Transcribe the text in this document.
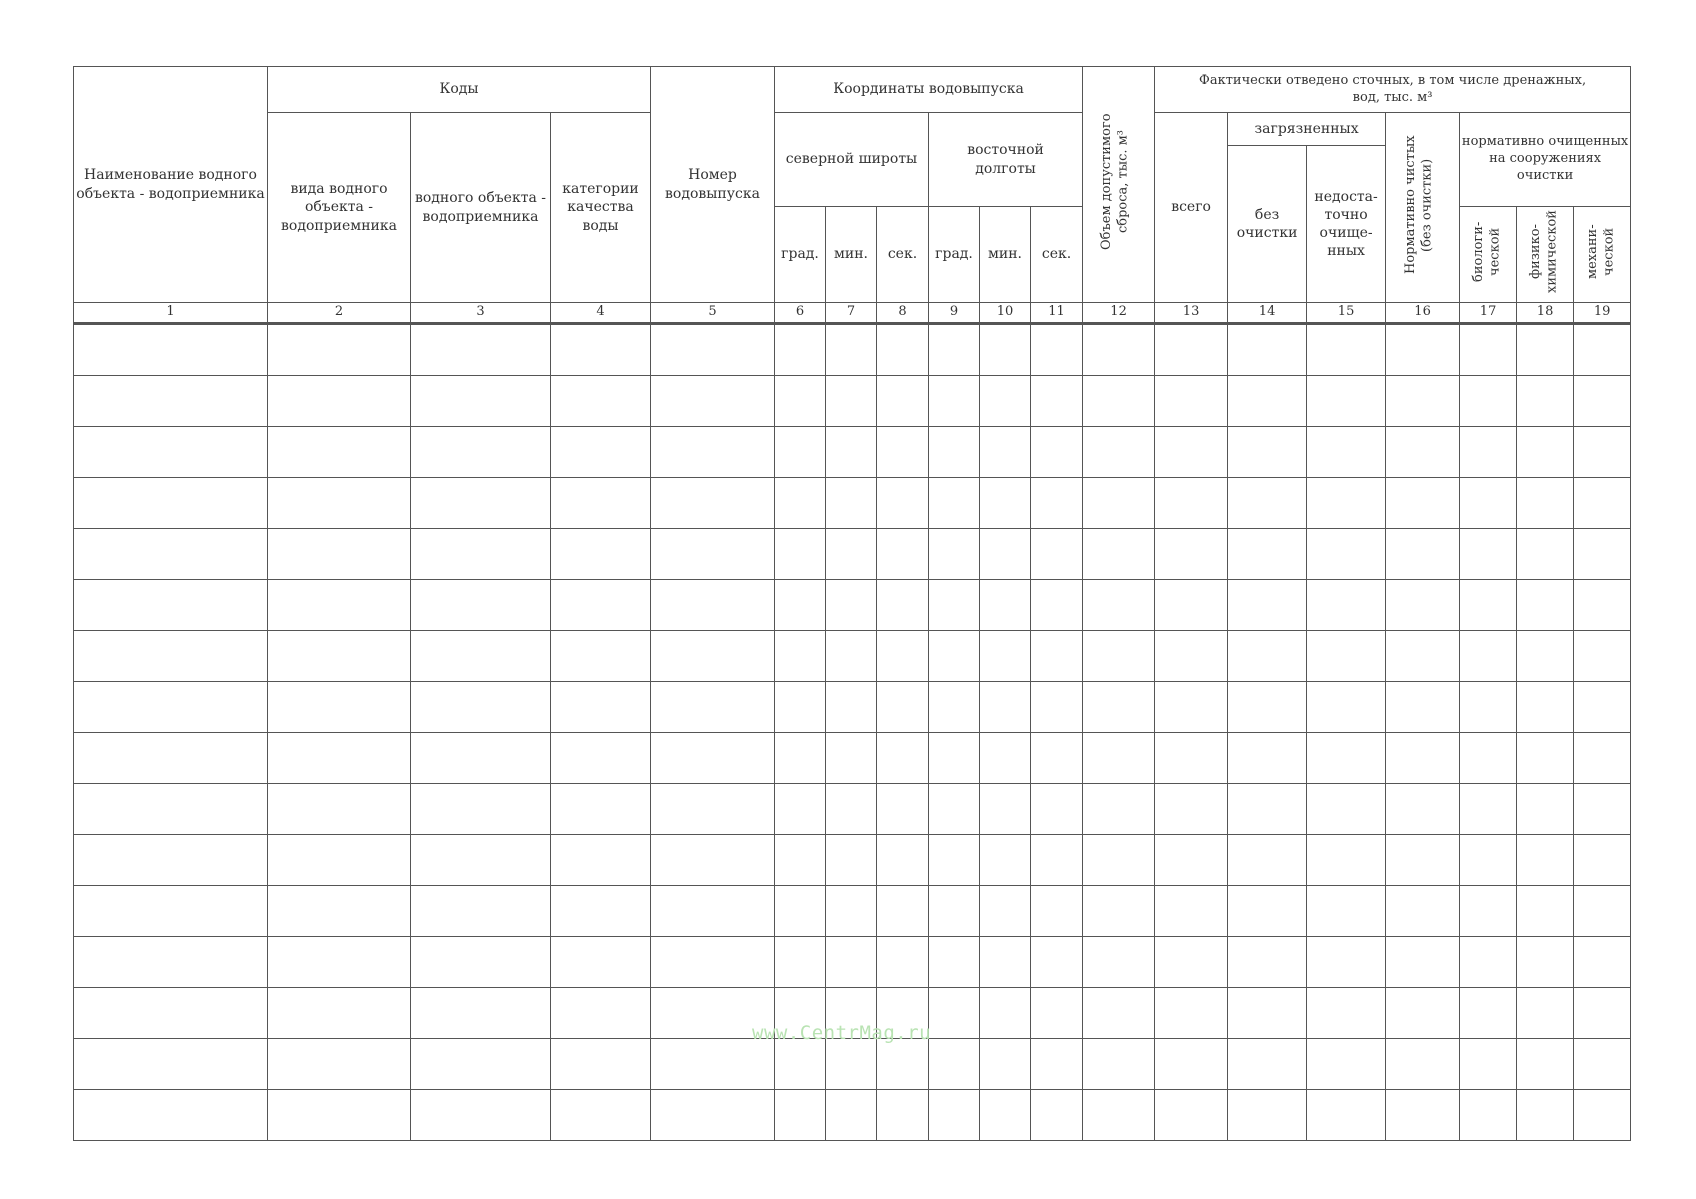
Наименование водного объекта - водоприемника	Коды			Номер водовыпуска	Координаты водовыпуска						Объем допустимого сброса, тыс. м³	Фактически отведено сточных, в том числе дренажных, вод, тыс. м³						
	вида водного объекта - водоприемника	водного объекта - водоприемника	категории качества воды		северной широты			восточной долготы				всего	загрязненных		Нормативно чистых (без очистки)	нормативно очищенных на сооружениях очистки		
													без очистки	недоста-точно очище-нных				
					град.	мин.	сек.	град.	мин.	сек.						биологи-ческой	физико-химической	механи-ческой
1	2	3	4	5	6	7	8	9	10	11	12	13	14	15	16	17	18	19

www.CentrMag.ru
